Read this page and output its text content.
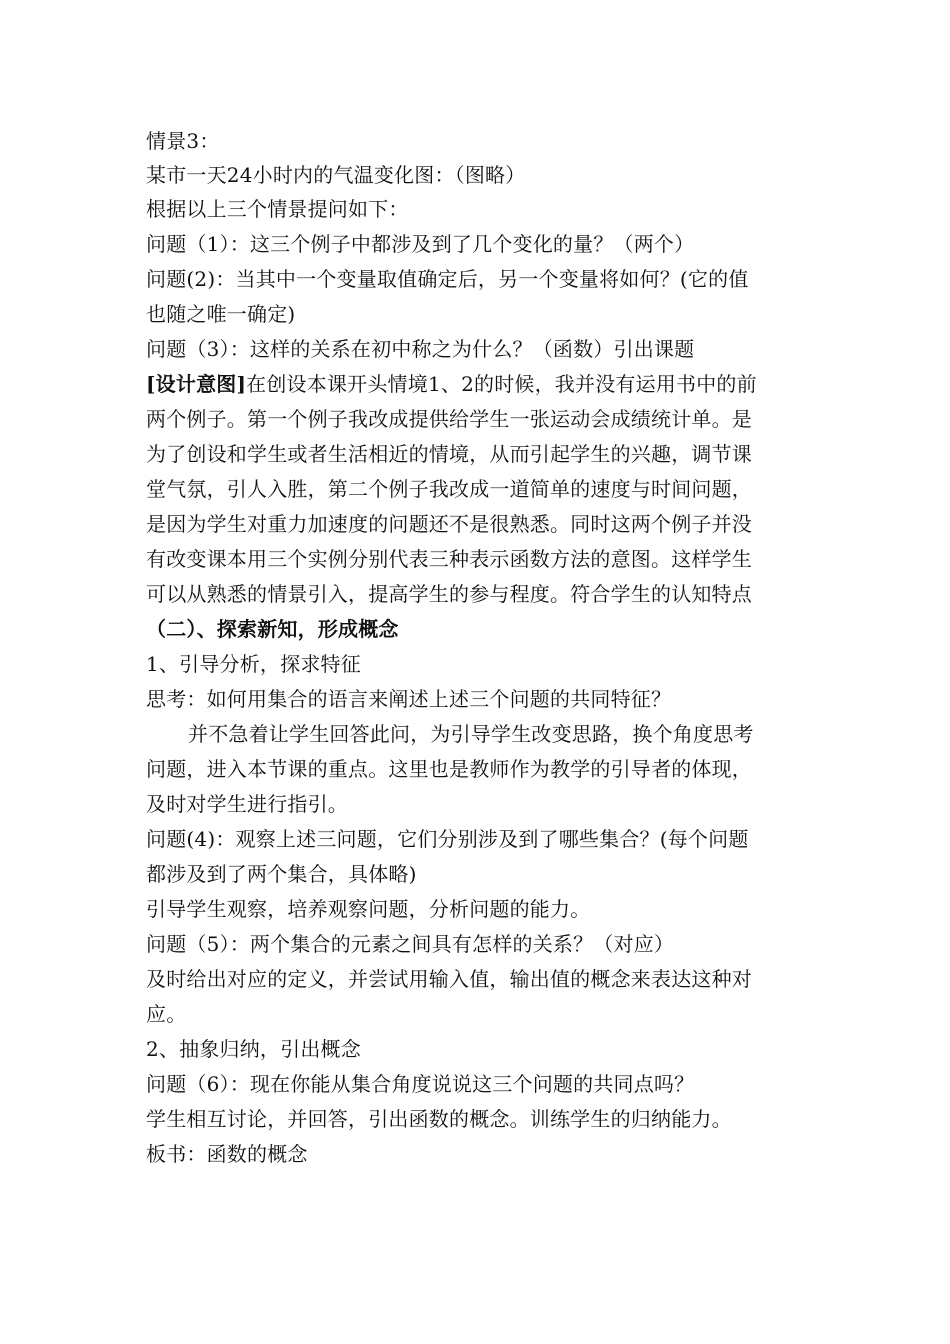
情景3：
某市一天24小时内的气温变化图：（图略）
根据以上三个情景提问如下：
问题（1）：这三个例子中都涉及到了几个变化的量？（两个）
问题(2)：当其中一个变量取值确定后，另一个变量将如何？(它的值
也随之唯一确定)
问题（3）：这样的关系在初中称之为什么？（函数）引出课题
[设计意图]在创设本课开头情境1、2的时候，我并没有运用书中的前
两个例子。第一个例子我改成提供给学生一张运动会成绩统计单。是
为了创设和学生或者生活相近的情境，从而引起学生的兴趣，调节课
堂气氛，引人入胜，第二个例子我改成一道简单的速度与时间问题，
是因为学生对重力加速度的问题还不是很熟悉。同时这两个例子并没
有改变课本用三个实例分别代表三种表示函数方法的意图。这样学生
可以从熟悉的情景引入，提高学生的参与程度。符合学生的认知特点
（二）、探索新知，形成概念
1、引导分析，探求特征
思考：如何用集合的语言来阐述上述三个问题的共同特征？
并不急着让学生回答此问，为引导学生改变思路，换个角度思考
问题，进入本节课的重点。这里也是教师作为教学的引导者的体现，
及时对学生进行指引。
问题(4)：观察上述三问题，它们分别涉及到了哪些集合？(每个问题
都涉及到了两个集合，具体略)
引导学生观察，培养观察问题，分析问题的能力。
问题（5）：两个集合的元素之间具有怎样的关系？（对应）
及时给出对应的定义，并尝试用输入值，输出值的概念来表达这种对
应。
2、抽象归纳，引出概念
问题（6）：现在你能从集合角度说说这三个问题的共同点吗？
学生相互讨论，并回答，引出函数的概念。训练学生的归纳能力。
板书：函数的概念
